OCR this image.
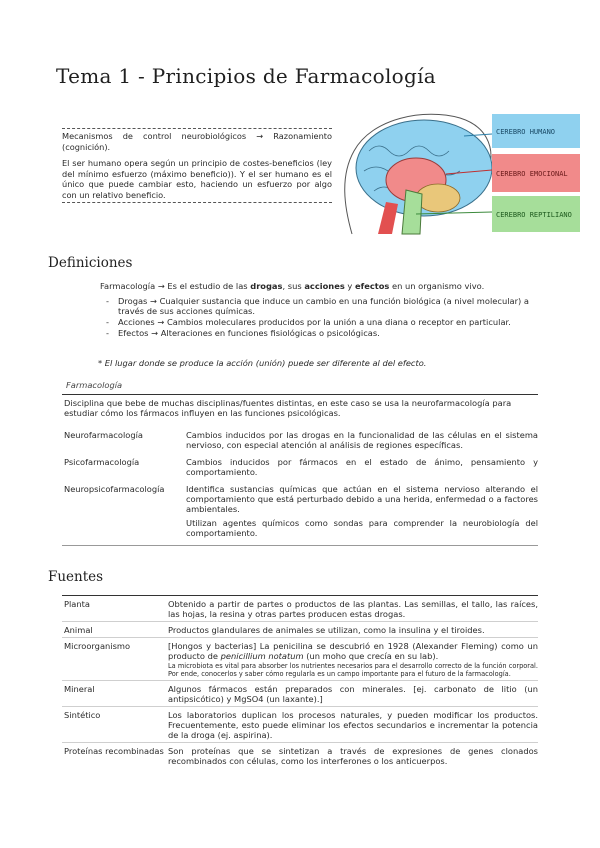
Tema 1 - Principios de Farmacología

Mecanismos de control neurobiológicos → Razonamiento (cognición).

El ser humano opera según un principio de costes-beneficios (ley del mínimo esfuerzo (máximo beneficio)). Y el ser humano es el único que puede cambiar esto, haciendo un esfuerzo por algo con un relativo beneficio.

CEREBRO HUMANO
CEREBRO EMOCIONAL
CEREBRO REPTILIANO
Definiciones
Farmacología → Es el estudio de las drogas, sus acciones y efectos en un organismo vivo.
- Drogas → Cualquier sustancia que induce un cambio en una función biológica (a nivel molecular) a través de sus acciones químicas.
- Acciones → Cambios moleculares producidos por la unión a una diana o receptor en particular.
- Efectos → Alteraciones en funciones fisiológicas o psicológicas.
* El lugar donde se produce la acción (unión) puede ser diferente al del efecto.
Farmacología
Disciplina que bebe de muchas disciplinas/fuentes distintas, en este caso se usa la neurofarmacología para estudiar cómo los fármacos influyen en las funciones psicológicas.
Neurofarmacología	Cambios inducidos por las drogas en la funcionalidad de las células en el sistema nervioso, con especial atención al análisis de regiones específicas.
Psicofarmacología	Cambios inducidos por fármacos en el estado de ánimo, pensamiento y comportamiento.
Neuropsicofarmacología	Identifica sustancias químicas que actúan en el sistema nervioso alterando el comportamiento que está perturbado debido a una herida, enfermedad o a factores ambientales.
Utilizan agentes químicos como sondas para comprender la neurobiología del comportamiento.
Fuentes
Planta	Obtenido a partir de partes o productos de las plantas. Las semillas, el tallo, las raíces, las hojas, la resina y otras partes producen estas drogas.
Animal	Productos glandulares de animales se utilizan, como la insulina y el tiroides.
Microorganismo	[Hongos y bacterias] La penicilina se descubrió en 1928 (Alexander Fleming) como un producto de penicillium notatum (un moho que crecía en su lab).
La microbiota es vital para absorber los nutrientes necesarios para el desarrollo correcto de la función corporal. Por ende, conocerlos y saber cómo regularla es un campo importante para el futuro de la farmacología.
Mineral	Algunos fármacos están preparados con minerales. [ej. carbonato de litio (un antipsicótico) y MgSO4 (un laxante).]
Sintético	Los laboratorios duplican los procesos naturales, y pueden modificar los productos. Frecuentemente, esto puede eliminar los efectos secundarios e incrementar la potencia de la droga (ej. aspirina).
Proteínas recombinadas Son proteínas que se sintetizan a través de expresiones de genes clonados recombinados con células, como los interferones o los anticuerpos.
